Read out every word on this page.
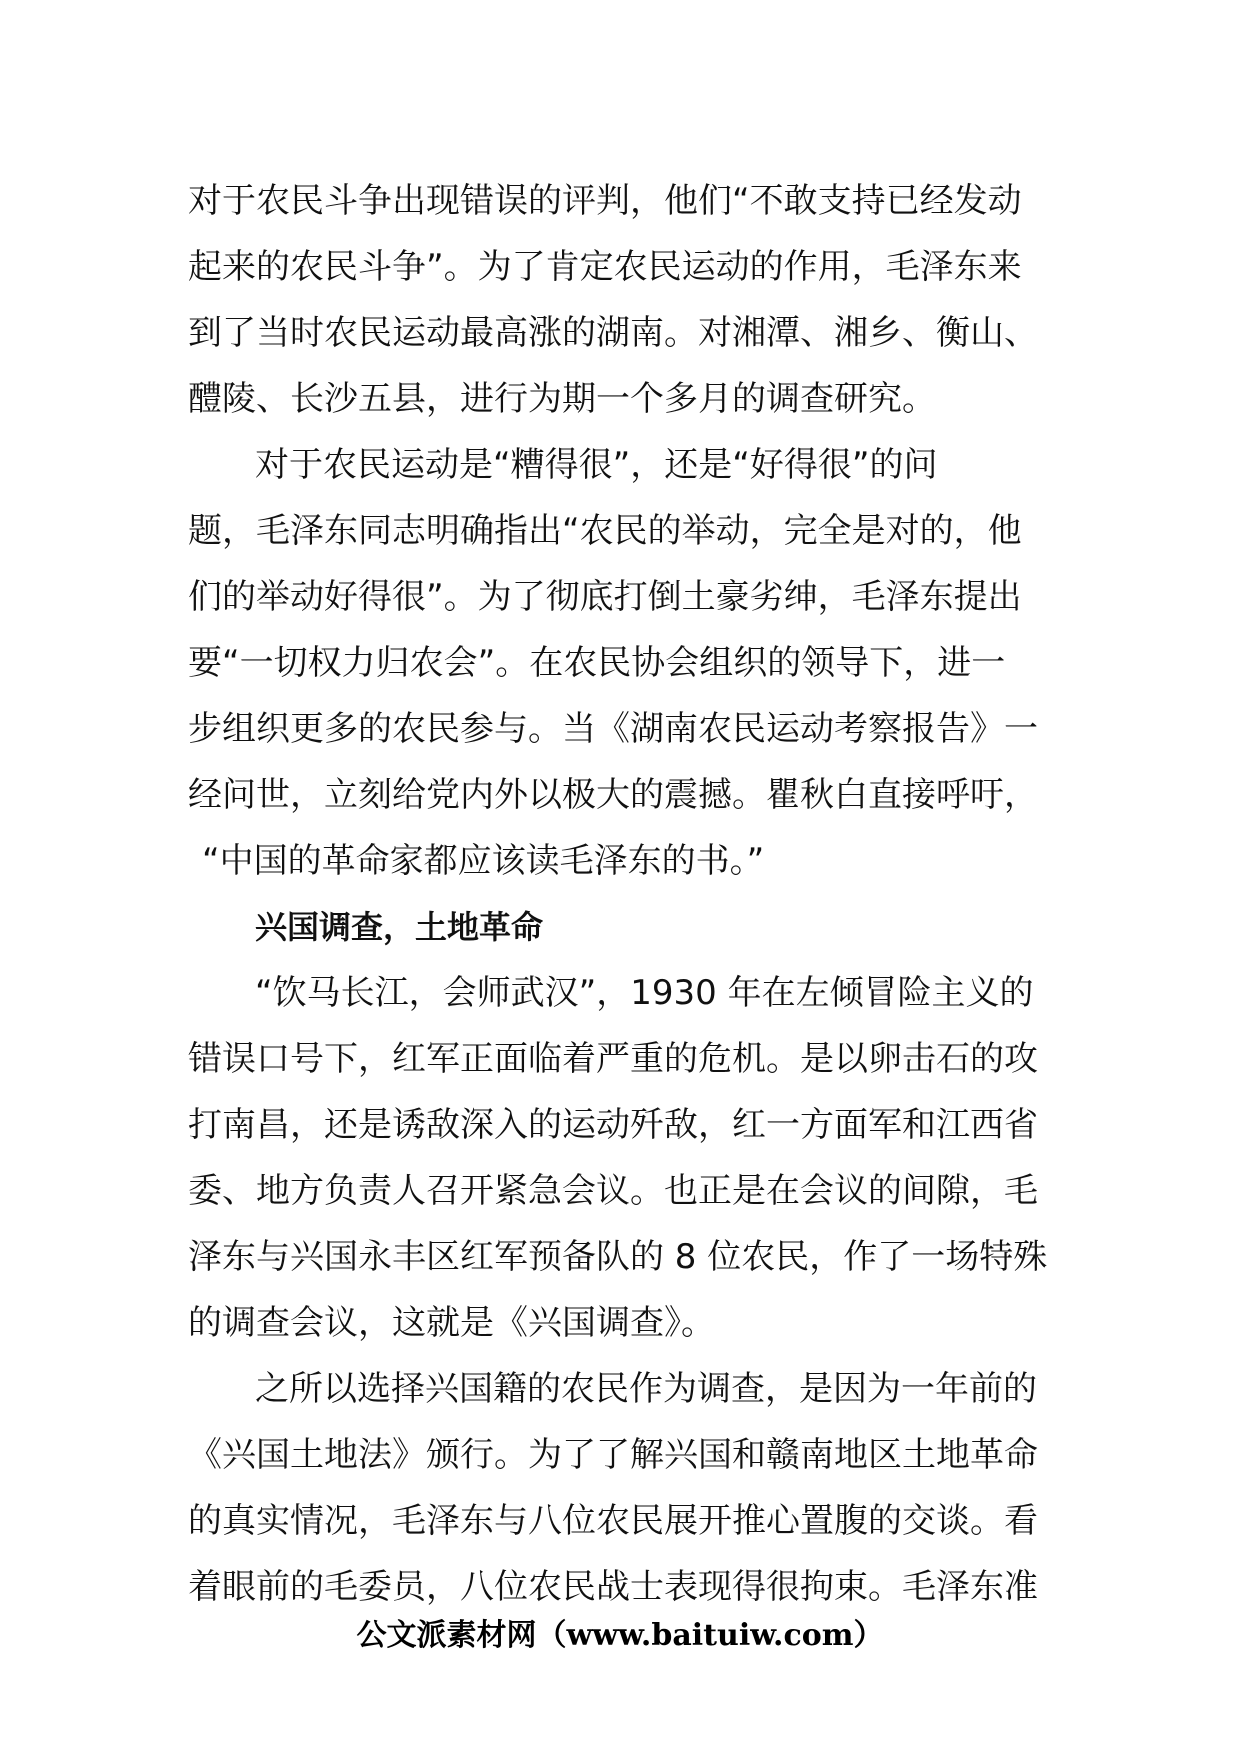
对于农民斗争出现错误的评判，他们“不敢支持已经发动
起来的农民斗争”。为了肯定农民运动的作用，毛泽东来
到了当时农民运动最高涨的湖南。对湘潭、湘乡、衡山、
醴陵、长沙五县，进行为期一个多月的调查研究。
对于农民运动是“糟得很”，还是“好得很”的问
题，毛泽东同志明确指出“农民的举动，完全是对的，他
们的举动好得很”。为了彻底打倒土豪劣绅，毛泽东提出
要“一切权力归农会”。在农民协会组织的领导下，进一
步组织更多的农民参与。当《湖南农民运动考察报告》一
经问世，立刻给党内外以极大的震撼。瞿秋白直接呼吁，
“中国的革命家都应该读毛泽东的书。”
兴国调查，土地革命
“饮马长江，会师武汉”，1930 年在左倾冒险主义的
错误口号下，红军正面临着严重的危机。是以卵击石的攻
打南昌，还是诱敌深入的运动歼敌，红一方面军和江西省
委、地方负责人召开紧急会议。也正是在会议的间隙，毛
泽东与兴国永丰区红军预备队的 8 位农民，作了一场特殊
的调查会议，这就是《兴国调查》。
之所以选择兴国籍的农民作为调查，是因为一年前的
《兴国土地法》颁行。为了了解兴国和赣南地区土地革命
的真实情况，毛泽东与八位农民展开推心置腹的交谈。看
着眼前的毛委员，八位农民战士表现得很拘束。毛泽东准
公文派素材网（www.baituiw.com）
